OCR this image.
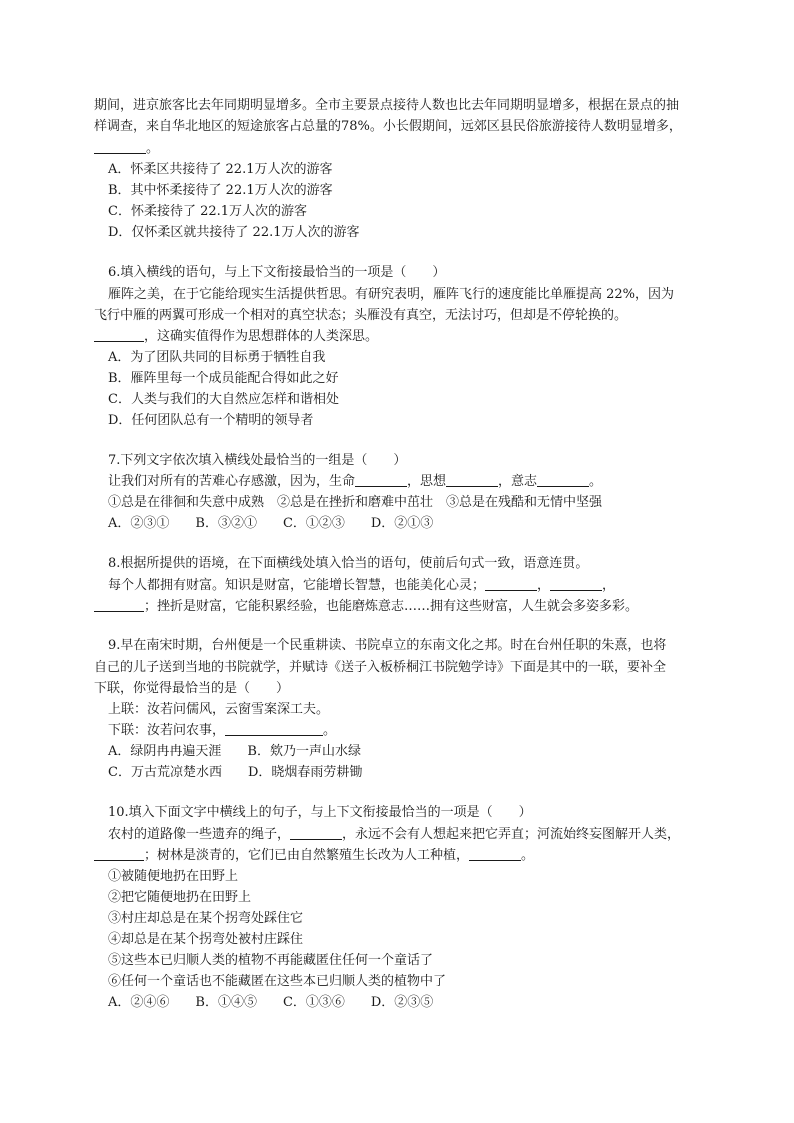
期间，进京旅客比去年同期明显增多。全市主要景点接待人数也比去年同期明显增多，根据在景点的抽
样调查，来自华北地区的短途旅客占总量的78%。小长假期间，远郊区县民俗旅游接待人数明显增多，
。
A．怀柔区共接待了 22.1万人次的游客
B．其中怀柔接待了 22.1万人次的游客
C．怀柔接待了 22.1万人次的游客
D．仅怀柔区就共接待了 22.1万人次的游客
6.填入横线的语句，与上下文衔接最恰当的一项是（　　）
雁阵之美，在于它能给现实生活提供哲思。有研究表明，雁阵飞行的速度能比单雁提高 22%，因为
飞行中雁的两翼可形成一个相对的真空状态；头雁没有真空，无法讨巧，但却是不停轮换的。
，这确实值得作为思想群体的人类深思。
A．为了团队共同的目标勇于牺牲自我
B．雁阵里每一个成员能配合得如此之好
C．人类与我们的大自然应怎样和谐相处
D．任何团队总有一个精明的领导者
7.下列文字依次填入横线处最恰当的一组是（　　）
让我们对所有的苦难心存感激，因为，生命	，思想	，意志	。
①总是在徘徊和失意中成熟　②总是在挫折和磨难中茁壮　③总是在残酷和无情中坚强
A．②③①　　B．③②①　　C．①②③　　D．②①③
8.根据所提供的语境，在下面横线处填入恰当的语句，使前后句式一致，语意连贯。
每个人都拥有财富。知识是财富，它能增长智慧，也能美化心灵；	，	，
；挫折是财富，它能积累经验，也能磨炼意志……拥有这些财富，人生就会多姿多彩。
9.早在南宋时期，台州便是一个民重耕读、书院卓立的东南文化之邦。时在台州任职的朱熹，也将
自己的儿子送到当地的书院就学，并赋诗《送子入板桥桐江书院勉学诗》下面是其中的一联，要补全
下联，你觉得最恰当的是（　　）
上联：汝若问儒风，云窗雪案深工夫。
下联：汝若问农事，	。
A．绿阴冉冉遍天涯　　B．欸乃一声山水绿
C．万古荒凉楚水西　　D．晓烟春雨劳耕锄
10.填入下面文字中横线上的句子，与上下文衔接最恰当的一项是（　　）
农村的道路像一些遗弃的绳子，	，永远不会有人想起来把它弄直；河流始终妄图解开人类，
；树林是淡青的，它们已由自然繁殖生长改为人工种植，	。
①被随便地扔在田野上
②把它随便地扔在田野上
③村庄却总是在某个拐弯处踩住它
④却总是在某个拐弯处被村庄踩住
⑤这些本已归顺人类的植物不再能藏匿住任何一个童话了
⑥任何一个童话也不能藏匿在这些本已归顺人类的植物中了
A．②④⑥　　B．①④⑤　　C．①③⑥　　D．②③⑤
